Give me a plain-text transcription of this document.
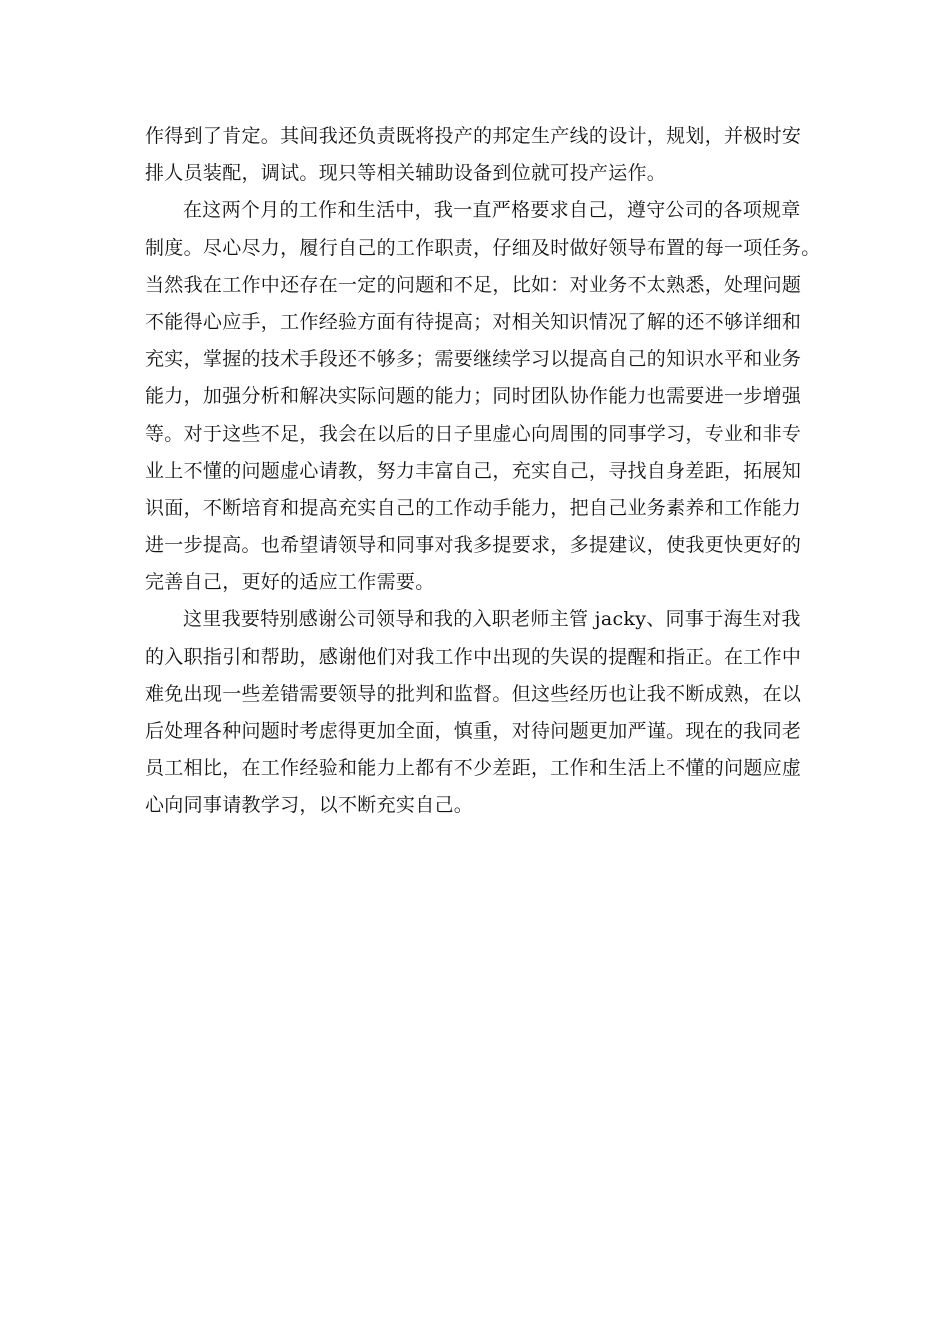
作得到了肯定。其间我还负责既将投产的邦定生产线的设计，规划，并极时安
排人员装配，调试。现只等相关辅助设备到位就可投产运作。
在这两个月的工作和生活中，我一直严格要求自己，遵守公司的各项规章
制度。尽心尽力，履行自己的工作职责，仔细及时做好领导布置的每一项任务。
当然我在工作中还存在一定的问题和不足，比如：对业务不太熟悉，处理问题
不能得心应手，工作经验方面有待提高；对相关知识情况了解的还不够详细和
充实，掌握的技术手段还不够多；需要继续学习以提高自己的知识水平和业务
能力，加强分析和解决实际问题的能力；同时团队协作能力也需要进一步增强
等。对于这些不足，我会在以后的日子里虚心向周围的同事学习，专业和非专
业上不懂的问题虚心请教，努力丰富自己，充实自己，寻找自身差距，拓展知
识面，不断培育和提高充实自己的工作动手能力，把自己业务素养和工作能力
进一步提高。也希望请领导和同事对我多提要求，多提建议，使我更快更好的
完善自己，更好的适应工作需要。
这里我要特别感谢公司领导和我的入职老师主管 jacky、同事于海生对我
的入职指引和帮助，感谢他们对我工作中出现的失误的提醒和指正。在工作中
难免出现一些差错需要领导的批判和监督。但这些经历也让我不断成熟，在以
后处理各种问题时考虑得更加全面，慎重，对待问题更加严谨。现在的我同老
员工相比，在工作经验和能力上都有不少差距，工作和生活上不懂的问题应虚
心向同事请教学习，以不断充实自己。
